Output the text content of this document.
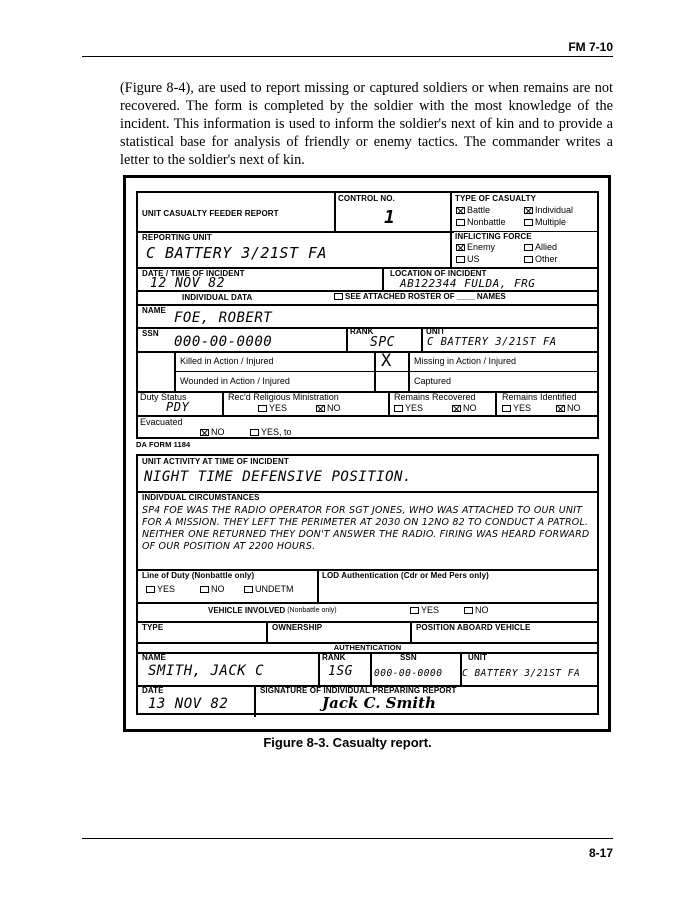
FM 7-10
(Figure 8-4), are used to report missing or captured soldiers or when remains are not recovered. The form is completed by the soldier with the most knowledge of the incident. This information is used to inform the soldier's next of kin and to provide a statistical base for analysis of friendly or enemy tactics. The commander writes a letter to the soldier's next of kin.
UNIT CASUALTY FEEDER REPORT
CONTROL NO.
1
TYPE OF CASUALTY
Battle	Individual
Nonbattle	Multiple
REPORTING UNIT
C BATTERY 3/21ST FA
INFLICTING FORCE
Enemy	Allied
US	Other
DATE / TIME OF INCIDENT
12 NOV 82
LOCATION OF INCIDENT
AB122344 FULDA, FRG
INDIVIDUAL DATA	SEE ATTACHED ROSTER OF ____ NAMES
NAME FOE, ROBERT
SSN
000-00-0000
RANK
SPC
UNIT
C BATTERY 3/21ST FA
Killed in Action / Injured	X Missing in Action / Injured
Wounded in Action / Injured	Captured
Duty Status
PDY
Rec'd Religious Ministration
YES	NO
Remains Recovered
YES	NO
Remains Identified
YES	NO
Evacuated
NO	YES, to
DA FORM 1184
UNIT ACTIVITY AT TIME OF INCIDENT
NIGHT TIME DEFENSIVE POSITION.
INDIVDUAL CIRCUMSTANCES
SP4 FOE WAS THE RADIO OPERATOR FOR SGT JONES, WHO WAS ATTACHED TO OUR UNIT FOR A MISSION. THEY LEFT THE PERIMETER AT 2030 ON 12NO 82 TO CONDUCT A PATROL. NEITHER ONE RETURNED THEY DON'T ANSWER THE RADIO. FIRING WAS HEARD FORWARD OF OUR POSITION AT 2200 HOURS.
Line of Duty (Nonbattle only)
YES	NO	UNDETM
LOD Authentication (Cdr or Med Pers only)
VEHICLE INVOLVED (Nonbattle only)	YES	NO
TYPE	OWNERSHIP	POSITION ABOARD VEHICLE
AUTHENTICATION
NAME
SMITH, JACK C
RANK
1SG
SSN
000-00-0000
UNIT
C BATTERY 3/21ST FA
DATE
13 NOV 82
SIGNATURE OF INDIVIDUAL PREPARING REPORT
Jack C. Smith
Figure 8-3. Casualty report.
8-17
